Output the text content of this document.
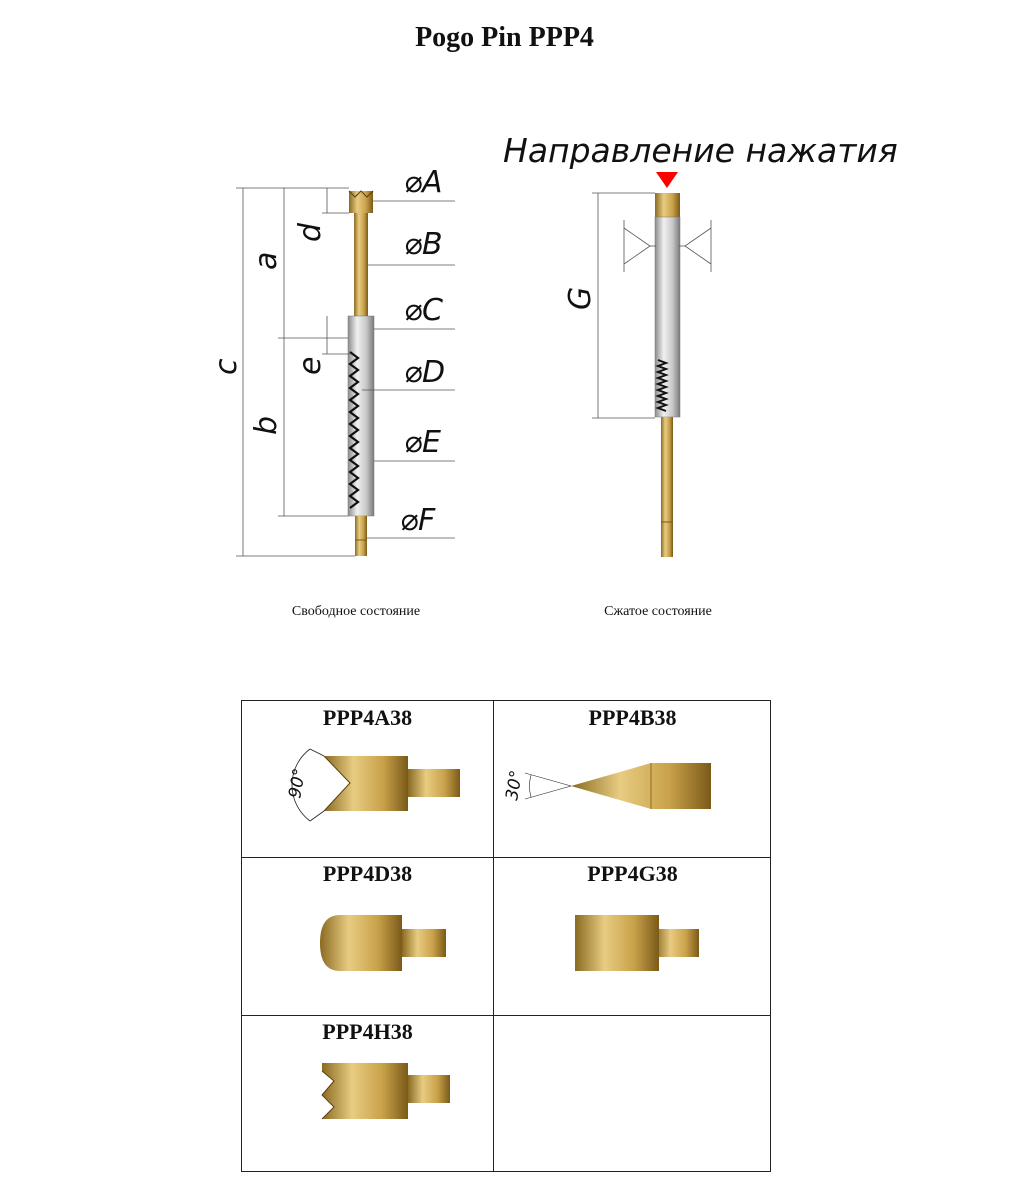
Pogo Pin PPP4
⌀A
⌀B
⌀C
⌀D
⌀E
⌀F
c
a
b
d
e
G
Направление нажатия
Свободное состояние	Сжатое состояние
PPP4A38
90°
PPP4B38
30°
PPP4D38	PPP4G38
PPP4H38
